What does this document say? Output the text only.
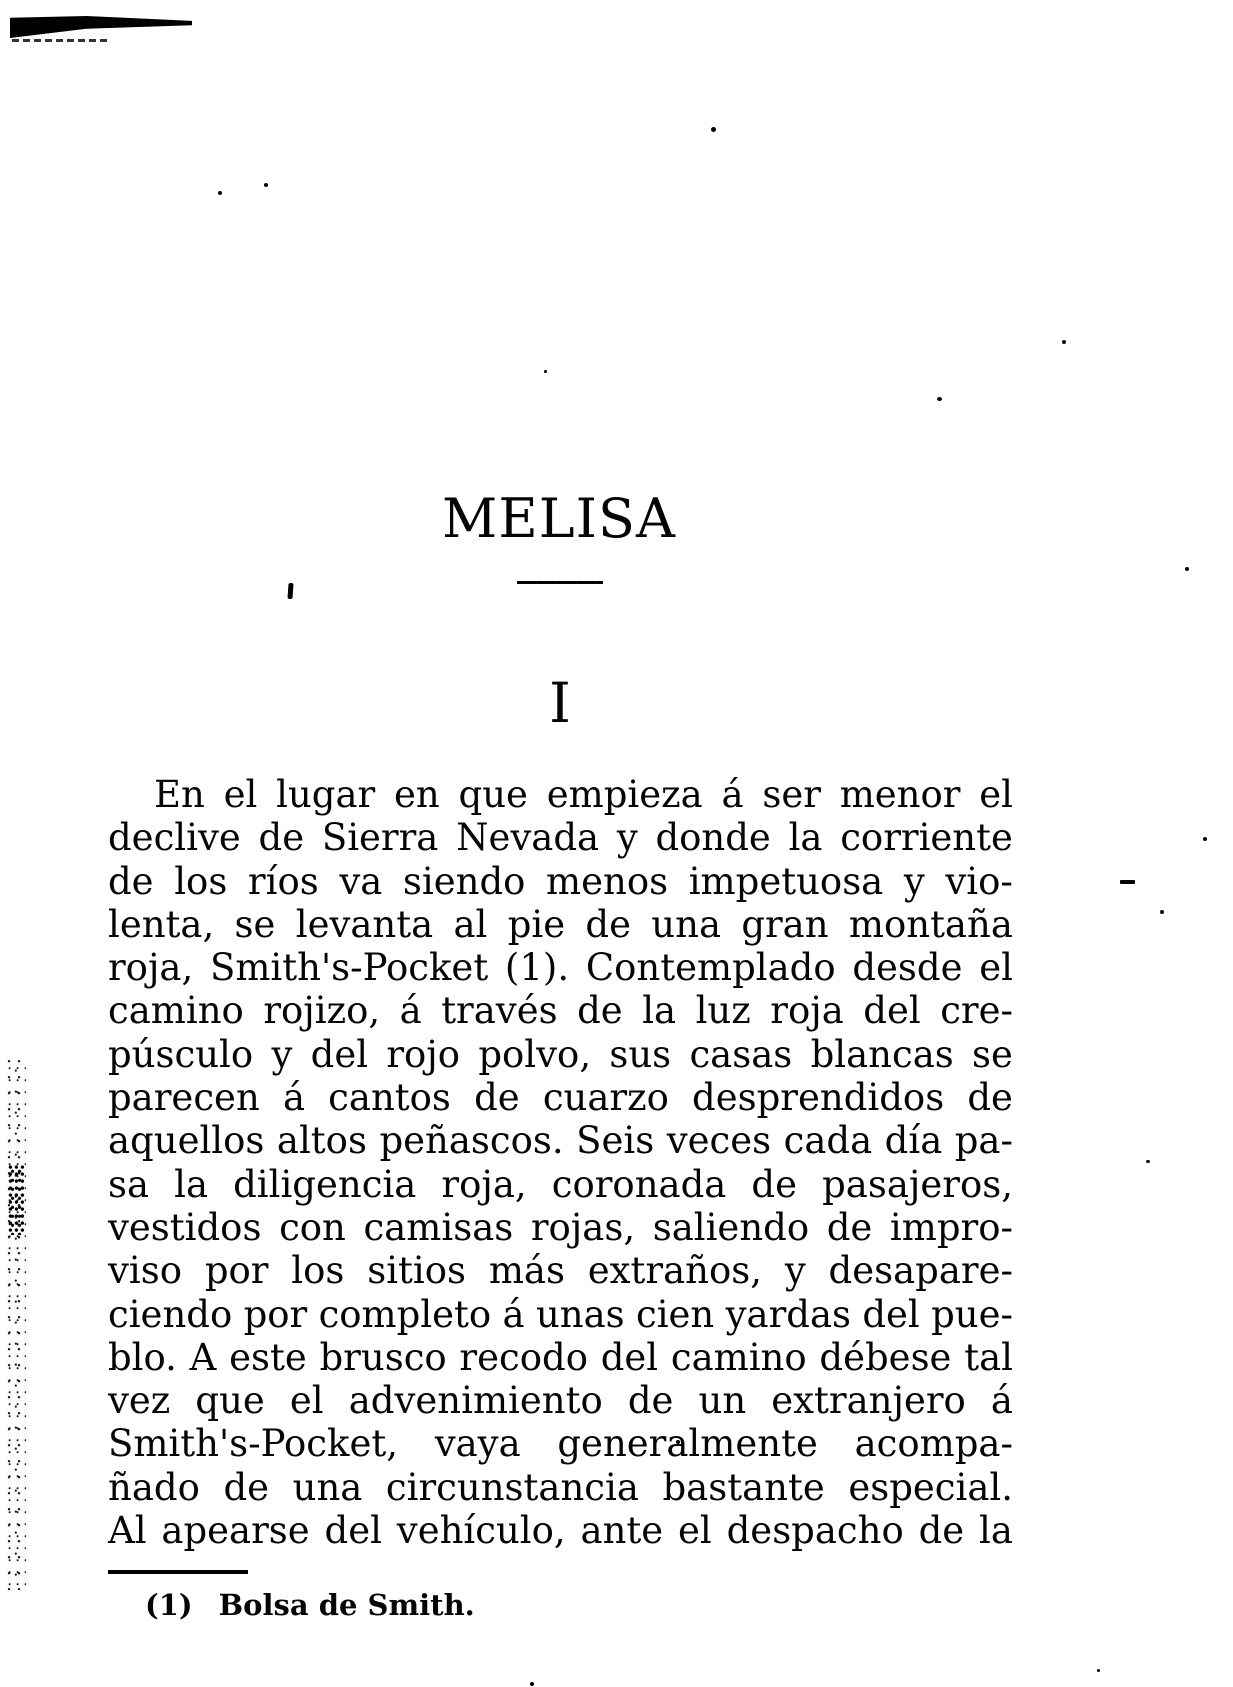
MELISA
I
En el lugar en que empieza á ser menor el
declive de Sierra Nevada y donde la corriente
de los ríos va siendo menos impetuosa y vio-
lenta, se levanta al pie de una gran montaña
roja, Smith's-Pocket (1). Contemplado desde el
camino rojizo, á través de la luz roja del cre-
púsculo y del rojo polvo, sus casas blancas se
parecen á cantos de cuarzo desprendidos de
aquellos altos peñascos. Seis veces cada día pa-
sa la diligencia roja, coronada de pasajeros,
vestidos con camisas rojas, saliendo de impro-
viso por los sitios más extraños, y desapare-
ciendo por completo á unas cien yardas del pue-
blo. A este brusco recodo del camino débese tal
vez que el advenimiento de un extranjero á
Smith's-Pocket, vaya generalmente acompa-
ñado de una circunstancia bastante especial.
Al apearse del vehículo, ante el despacho de la
(1) Bolsa de Smith.
